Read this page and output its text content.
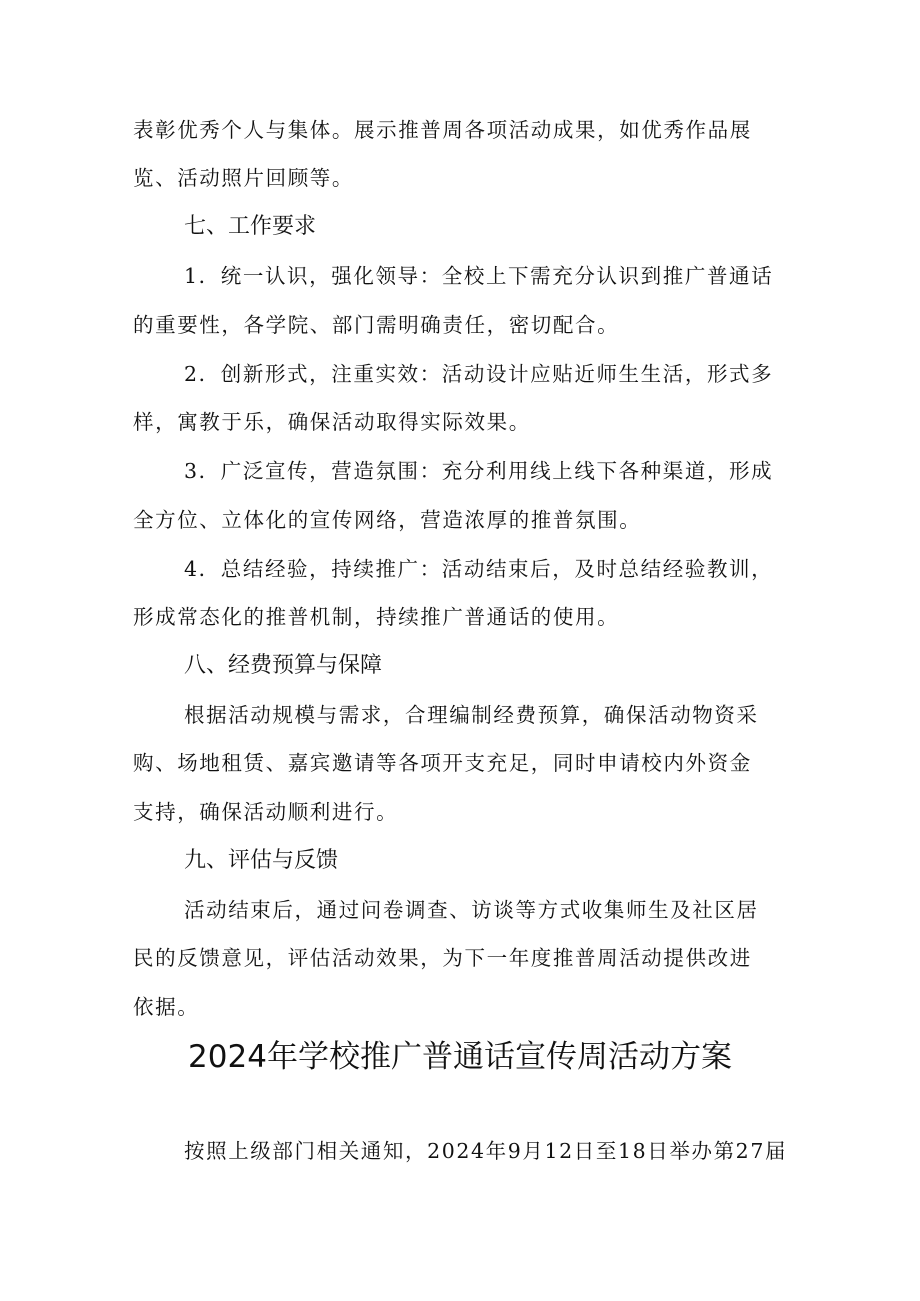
表彰优秀个人与集体。展示推普周各项活动成果，如优秀作品展
览、活动照片回顾等。
七、工作要求
1．统一认识，强化领导：全校上下需充分认识到推广普通话
的重要性，各学院、部门需明确责任，密切配合。
2．创新形式，注重实效：活动设计应贴近师生生活，形式多
样，寓教于乐，确保活动取得实际效果。
3．广泛宣传，营造氛围：充分利用线上线下各种渠道，形成
全方位、立体化的宣传网络，营造浓厚的推普氛围。
4．总结经验，持续推广：活动结束后，及时总结经验教训，
形成常态化的推普机制，持续推广普通话的使用。
八、经费预算与保障
根据活动规模与需求，合理编制经费预算，确保活动物资采
购、场地租赁、嘉宾邀请等各项开支充足，同时申请校内外资金
支持，确保活动顺利进行。
九、评估与反馈
活动结束后，通过问卷调查、访谈等方式收集师生及社区居
民的反馈意见，评估活动效果，为下一年度推普周活动提供改进
依据。
2024年学校推广普通话宣传周活动方案
按照上级部门相关通知，2024年9月12日至18日举办第27届
